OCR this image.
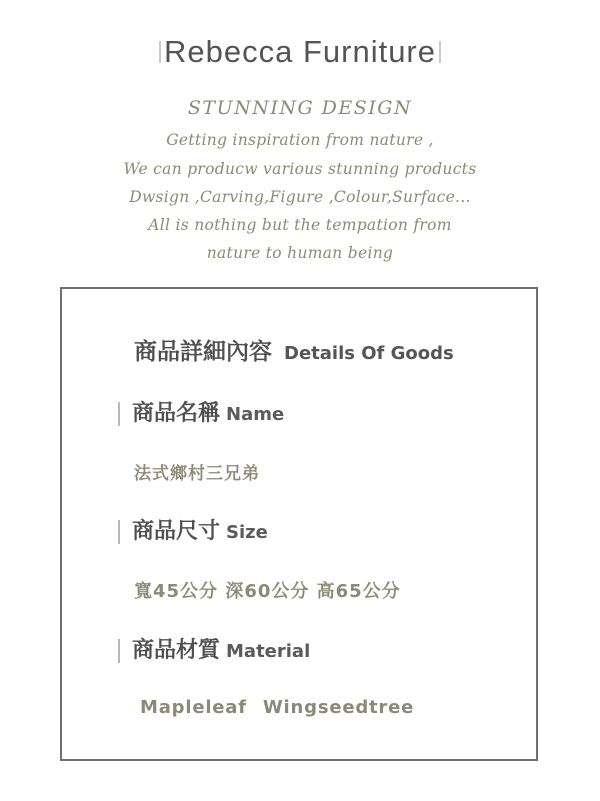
Rebecca Furniture
STUNNING DESIGN
Getting inspiration from nature ,
We can producw various stunning products
Dwsign ,Carving,Figure ,Colour,Surface...
All is nothing but the tempation from
nature to human being
商品詳細內容 Details Of Goods
商品名稱 Name
法式鄉村三兄弟
商品尺寸 Size
寬45公分 深60公分 高65公分
商品材質 Material
Mapleleaf Wingseedtree
